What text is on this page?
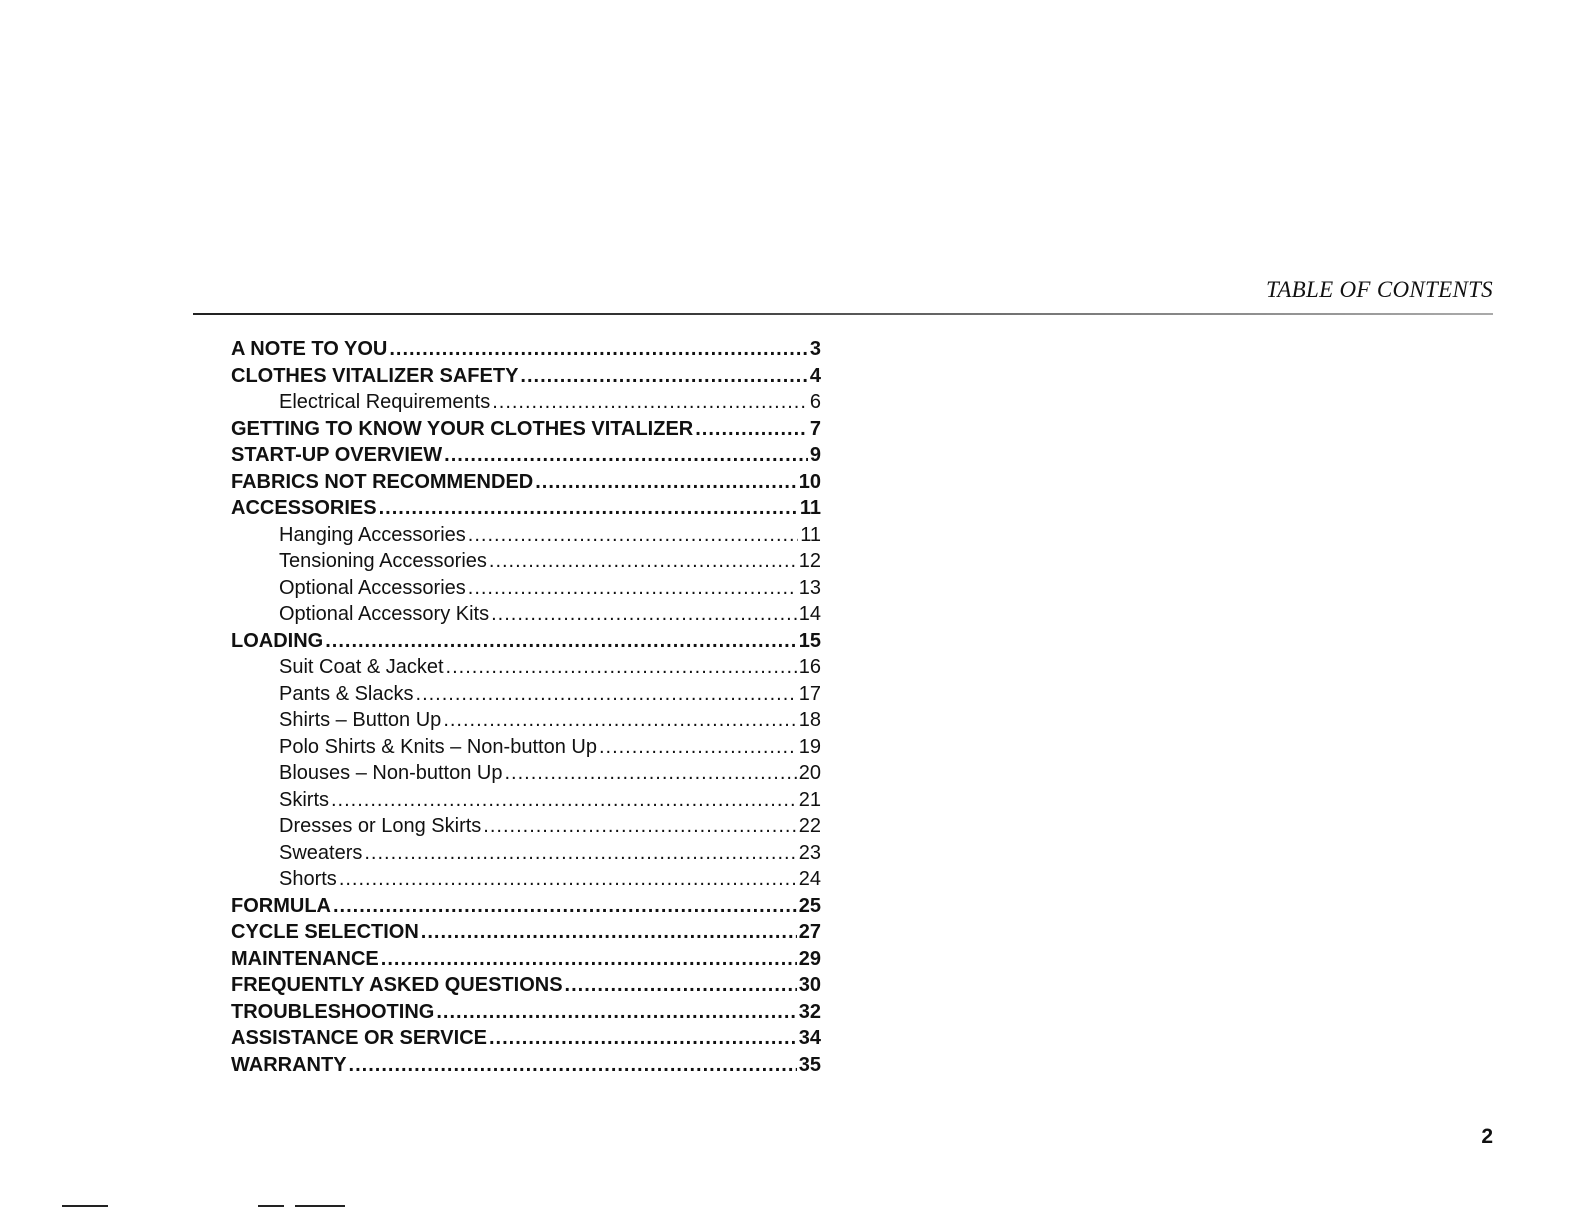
TABLE OF CONTENTS
A NOTE TO YOU .....	3
CLOTHES VITALIZER SAFETY .....	4
Electrical Requirements .....	6
GETTING TO KNOW YOUR CLOTHES VITALIZER .....	7
START-UP OVERVIEW .....	9
FABRICS NOT RECOMMENDED .....	10
ACCESSORIES .....	11
Hanging Accessories .....	11
Tensioning Accessories .....	12
Optional Accessories .....	13
Optional Accessory Kits .....	14
LOADING .....	15
Suit Coat & Jacket .....	16
Pants & Slacks .....	17
Shirts – Button Up .....	18
Polo Shirts & Knits – Non-button Up .....	19
Blouses – Non-button Up .....	20
Skirts .....	21
Dresses or Long Skirts .....	22
Sweaters .....	23
Shorts .....	24
FORMULA .....	25
CYCLE SELECTION .....	27
MAINTENANCE .....	29
FREQUENTLY ASKED QUESTIONS .....	30
TROUBLESHOOTING .....	32
ASSISTANCE OR SERVICE .....	34
WARRANTY .....	35
2
